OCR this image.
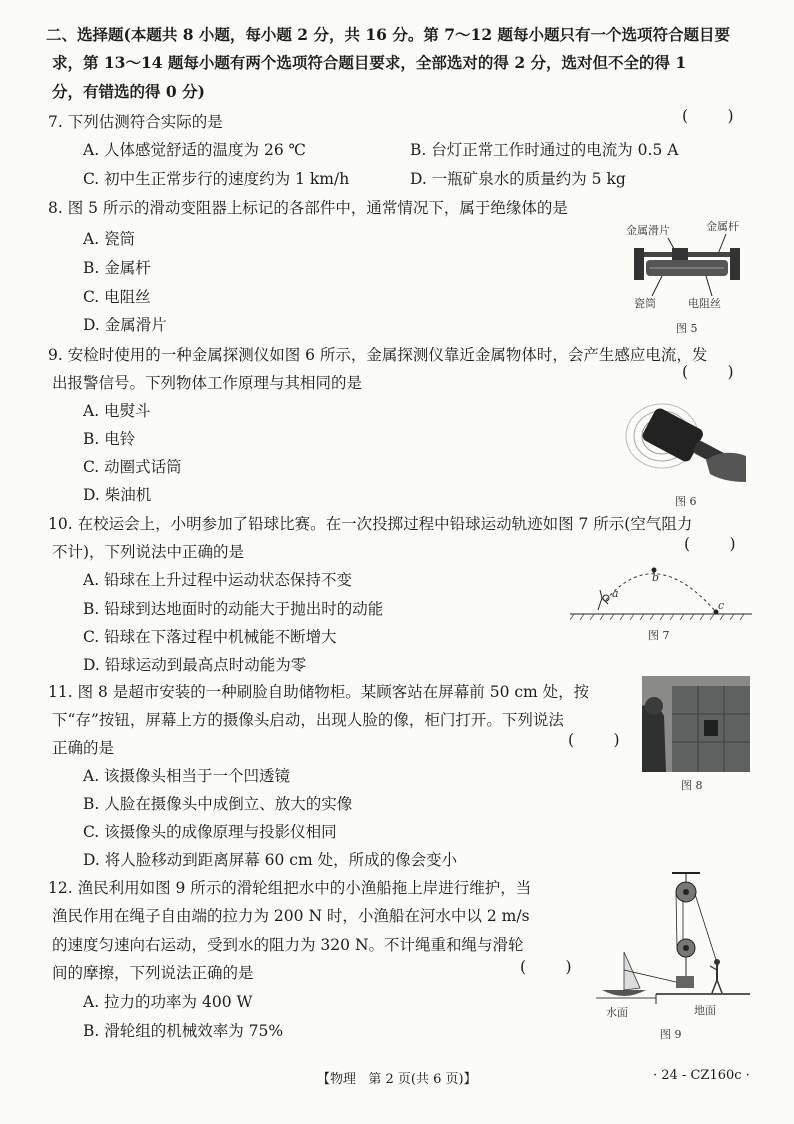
二、选择题(本题共 8 小题，每小题 2 分，共 16 分。第 7～12 题每小题只有一个选项符合题目要
求，第 13～14 题每小题有两个选项符合题目要求，全部选对的得 2 分，选对但不全的得 1
分，有错选的得 0 分)
7. 下列估测符合实际的是	(        )
A. 人体感觉舒适的温度为 26 ℃	B. 台灯正常工作时通过的电流为 0.5 A
C. 初中生正常步行的速度约为 1 km/h	D. 一瓶矿泉水的质量约为 5 kg
8. 图 5 所示的滑动变阻器上标记的各部件中，通常情况下，属于绝缘体的是
A. 瓷筒
B. 金属杆
C. 电阻丝
D. 金属滑片
金属滑片	金属杆
瓷筒	电阻丝
图 5
9. 安检时使用的一种金属探测仪如图 6 所示，金属探测仪靠近金属物体时，会产生感应电流，发
出报警信号。下列物体工作原理与其相同的是
(        )
A. 电熨斗
B. 电铃
C. 动圈式话筒
D. 柴油机	图 6
10. 在校运会上，小明参加了铅球比赛。在一次投掷过程中铅球运动轨迹如图 7 所示(空气阻力
不计)，下列说法中正确的是	(        )
A. 铅球在上升过程中运动状态保持不变
B. 铅球到达地面时的动能大于抛出时的动能
C. 铅球在下落过程中机械能不断增大
D. 铅球运动到最高点时动能为零
a
b
c
图 7
11. 图 8 是超市安装的一种刷脸自助储物柜。某顾客站在屏幕前 50 cm 处，按
下“存”按钮，屏幕上方的摄像头启动，出现人脸的像，柜门打开。下列说法
正确的是	(        )
A. 该摄像头相当于一个凹透镜
B. 人脸在摄像头中成倒立、放大的实像
C. 该摄像头的成像原理与投影仪相同
D. 将人脸移动到距离屏幕 60 cm 处，所成的像会变小
图 8
12. 渔民利用如图 9 所示的滑轮组把水中的小渔船拖上岸进行维护，当
渔民作用在绳子自由端的拉力为 200 N 时，小渔船在河水中以 2 m/s
的速度匀速向右运动，受到水的阻力为 320 N。不计绳重和绳与滑轮
间的摩擦，下列说法正确的是	(        )
A. 拉力的功率为 400 W
B. 滑轮组的机械效率为 75%
水面	地面
图 9
【物理   第 2 页(共 6 页)】	· 24 - CZ160c ·
